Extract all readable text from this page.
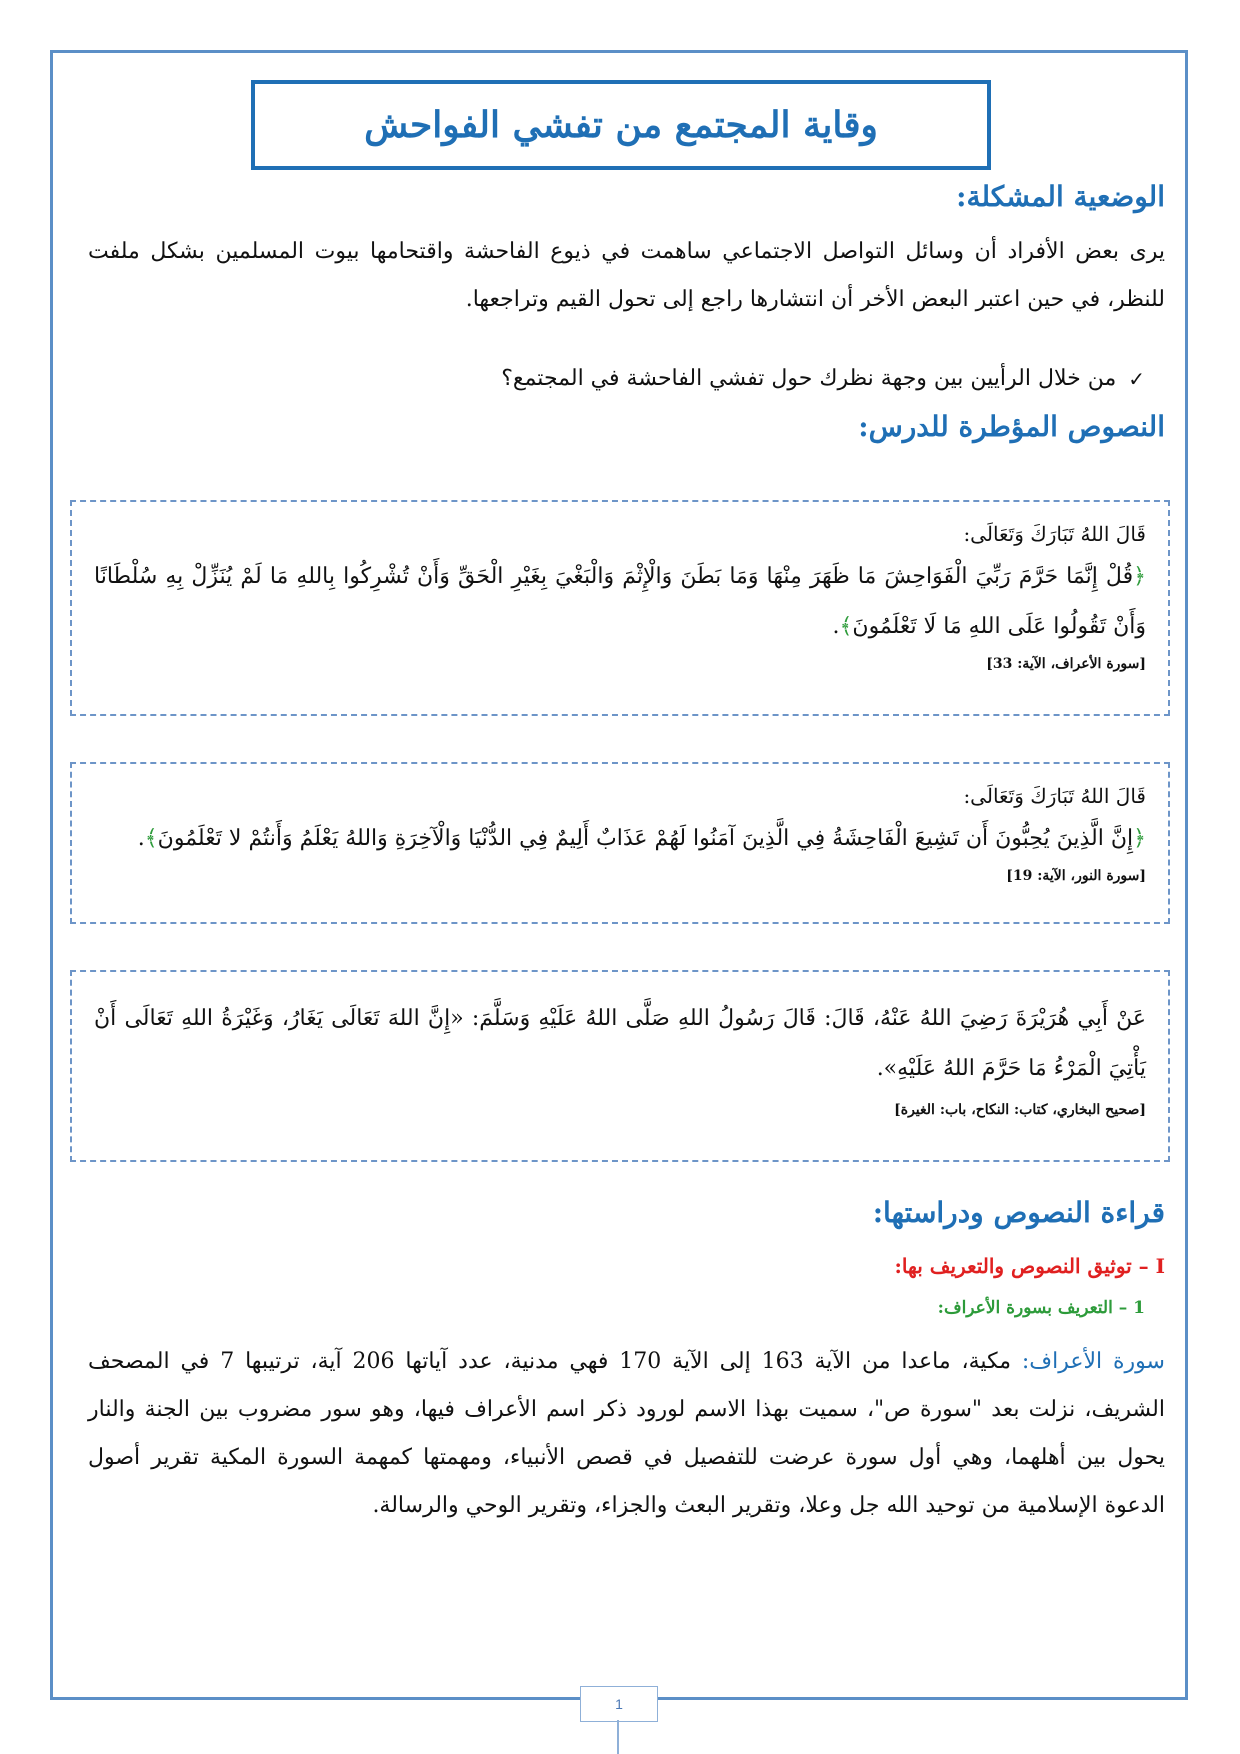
وقاية المجتمع من تفشي الفواحش
الوضعية المشكلة:
يرى بعض الأفراد أن وسائل التواصل الاجتماعي ساهمت في ذيوع الفاحشة واقتحامها بيوت المسلمين بشكل ملفت للنظر، في حين اعتبر البعض الأخر أن انتشارها راجع إلى تحول القيم وتراجعها.
✓
من خلال الرأيين بين وجهة نظرك حول تفشي الفاحشة في المجتمع؟
النصوص المؤطرة للدرس:
قَالَ اللهُ تَبَارَكَ وَتَعَالَى:
﴿قُلْ إِنَّمَا حَرَّمَ رَبِّيَ الْفَوَاحِشَ مَا ظَهَرَ مِنْهَا وَمَا بَطَنَ وَالْإِثْمَ وَالْبَغْيَ بِغَيْرِ الْحَقِّ وَأَنْ تُشْرِكُوا بِاللهِ مَا لَمْ يُنَزِّلْ بِهِ سُلْطَانًا وَأَنْ تَقُولُوا عَلَى اللهِ مَا لَا تَعْلَمُونَ﴾.
[سورة الأعراف، الآية: 33]
قَالَ اللهُ تَبَارَكَ وَتَعَالَى:
﴿إِنَّ الَّذِينَ يُحِبُّونَ أَن تَشِيعَ الْفَاحِشَةُ فِي الَّذِينَ آمَنُوا لَهُمْ عَذَابٌ أَلِيمٌ فِي الدُّنْيَا وَالْآخِرَةِ وَاللهُ يَعْلَمُ وَأَنتُمْ لا تَعْلَمُونَ﴾.
[سورة النور، الآية: 19]
عَنْ أَبِي هُرَيْرَةَ رَضِيَ اللهُ عَنْهُ، قَالَ: قَالَ رَسُولُ اللهِ صَلَّى اللهُ عَلَيْهِ وَسَلَّمَ: «إِنَّ اللهَ تَعَالَى يَغَارُ، وَغَيْرَةُ اللهِ تَعَالَى أَنْ يَأْتِيَ الْمَرْءُ مَا حَرَّمَ اللهُ عَلَيْهِ».
[صحيح البخاري، كتاب: النكاح، باب: الغيرة]
قراءة النصوص ودراستها:
I – توثيق النصوص والتعريف بها:
1 – التعريف بسورة الأعراف:
سورة الأعراف: مكية، ماعدا من الآية 163 إلى الآية 170 فهي مدنية، عدد آياتها 206 آية، ترتيبها 7 في المصحف الشريف، نزلت بعد "سورة ص"، سميت بهذا الاسم لورود ذكر اسم الأعراف فيها، وهو سور مضروب بين الجنة والنار يحول بين أهلهما، وهي أول سورة عرضت للتفصيل في قصص الأنبياء، ومهمتها كمهمة السورة المكية تقرير أصول الدعوة الإسلامية من توحيد الله جل وعلا، وتقرير البعث والجزاء، وتقرير الوحي والرسالة.
1
